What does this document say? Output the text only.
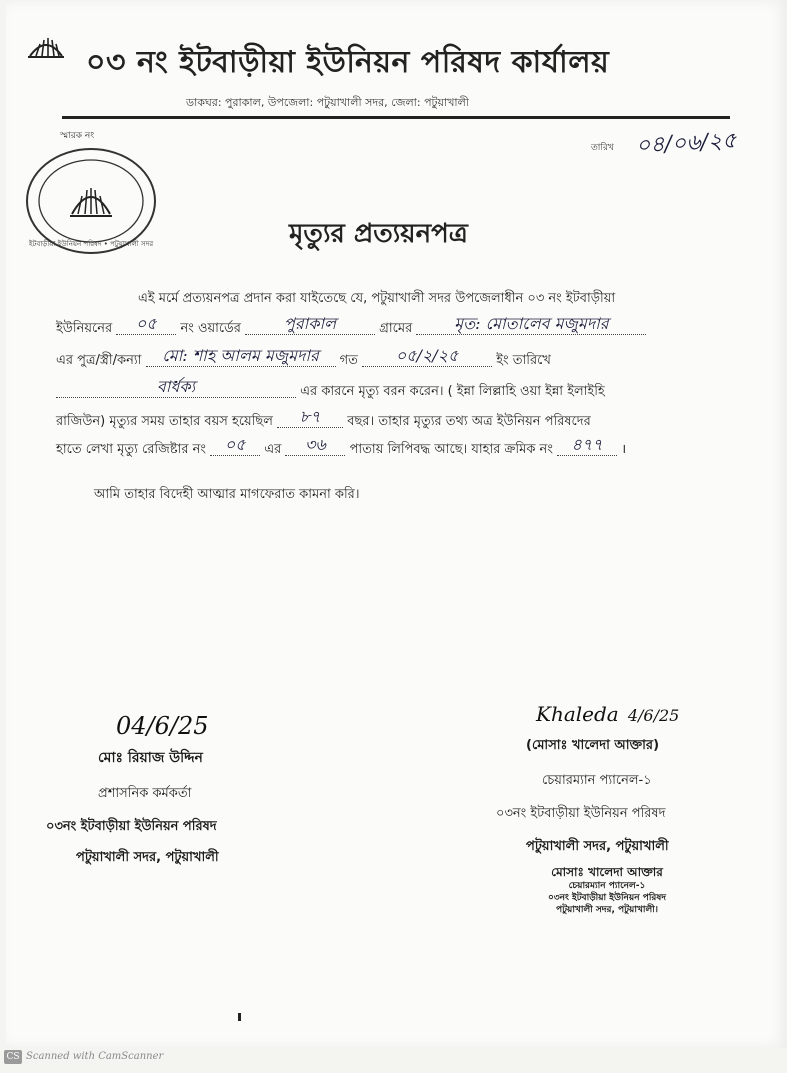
০৩ নং ইটবাড়ীয়া ইউনিয়ন পরিষদ কার্যালয়
ডাকঘর: পুরাকাল, উপজেলা: পটুয়াখালী সদর, জেলা: পটুয়াখালী
স্মারক নং
তারিখ ০৪/০৬/২৫
ইটবাড়ীয়া ইউনিয়ন পরিষদ • পটুয়াখালী সদর	মৃত্যুর প্রত্যয়নপত্র
এই মর্মে প্রত্যয়নপত্র প্রদান করা যাইতেছে যে, পটুয়াখালী সদর উপজেলাধীন ০৩ নং ইটবাড়ীয়া
ইউনিয়নের ০৫ নং ওয়ার্ডের	পুরাকাল	গ্রামের	মৃত: মোতালেব মজুমদার
এর পুত্র/স্ত্রী/কন্যা মো: শাহ আলম মজুমদার গত ০৫/২/২৫	ইং তারিখে
বার্ধক্য	এর কারনে মৃত্যু বরন করেন। ( ইন্না লিল্লাহি ওয়া ইন্না ইলাইহি
রাজিউন) মৃত্যুর সময় তাহার বয়স হয়েছিল ৮৭ বছর। তাহার মৃত্যুর তথ্য অত্র ইউনিয়ন পরিষদের
হাতে লেখা মৃত্যু রেজিষ্টার নং ০৫ এর ৩৬ পাতায় লিপিবদ্ধ আছে। যাহার ক্রমিক নং ৪৭৭ ।
আমি তাহার বিদেহী আত্মার মাগফেরাত কামনা করি।
04/6/25
মোঃ রিয়াজ উদ্দিন
প্রশাসনিক কর্মকর্তা
০৩নং ইটবাড়ীয়া ইউনিয়ন পরিষদ
পটুয়াখালী সদর, পটুয়াখালী
Khaleda 4/6/25
(মোসাঃ খালেদা আক্তার)
চেয়ারম্যান প্যানেল-১
০৩নং ইটবাড়ীয়া ইউনিয়ন পরিষদ
পটুয়াখালী সদর, পটুয়াখালী
মোসাঃ খালেদা আক্তার
চেয়ারম্যান প্যানেল-১
০৩নং ইটবাড়ীয়া ইউনিয়ন পরিষদ
পটুয়াখালী সদর, পটুয়াখালী।
CS Scanned with CamScanner
